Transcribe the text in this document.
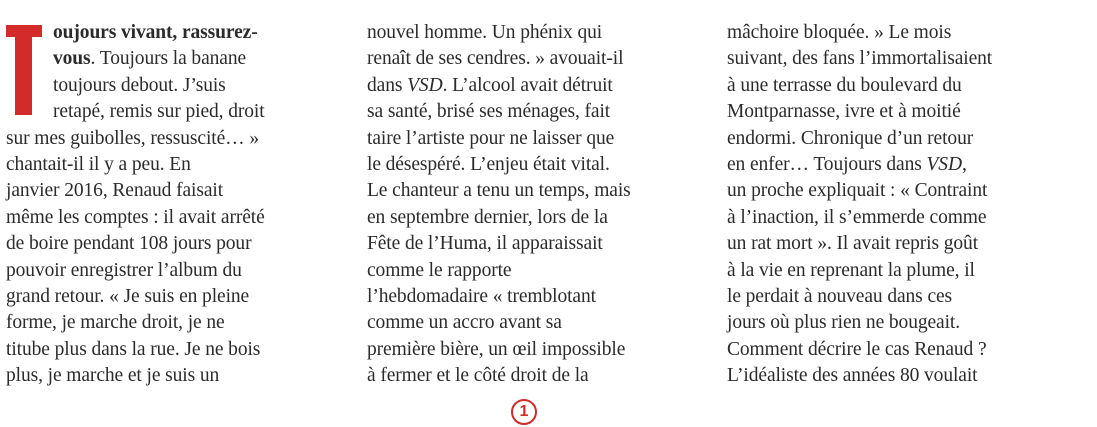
oujours vivant, rassurez-
vous. Toujours la banane
toujours debout. J’suis
retapé, remis sur pied, droit
sur mes guibolles, ressuscité… »
chantait-il il y a peu. En
janvier 2016, Renaud faisait
même les comptes : il avait arrêté
de boire pendant 108 jours pour
pouvoir enregistrer l’album du
grand retour. « Je suis en pleine
forme, je marche droit, je ne
titube plus dans la rue. Je ne bois
plus, je marche et je suis un
nouvel homme. Un phénix qui
renaît de ses cendres. » avouait-il
dans VSD. L’alcool avait détruit
sa santé, brisé ses ménages, fait
taire l’artiste pour ne laisser que
le désespéré. L’enjeu était vital.
Le chanteur a tenu un temps, mais
en septembre dernier, lors de la
Fête de l’Huma, il apparaissait
comme le rapporte
l’hebdomadaire « tremblotant
comme un accro avant sa
première bière, un œil impossible
à fermer et le côté droit de la
mâchoire bloquée. » Le mois
suivant, des fans l’immortalisaient
à une terrasse du boulevard du
Montparnasse, ivre et à moitié
endormi. Chronique d’un retour
en enfer… Toujours dans VSD,
un proche expliquait : « Contraint
à l’inaction, il s’emmerde comme
un rat mort ». Il avait repris goût
à la vie en reprenant la plume, il
le perdait à nouveau dans ces
jours où plus rien ne bougeait.
Comment décrire le cas Renaud ?
L’idéaliste des années 80 voulait
1
